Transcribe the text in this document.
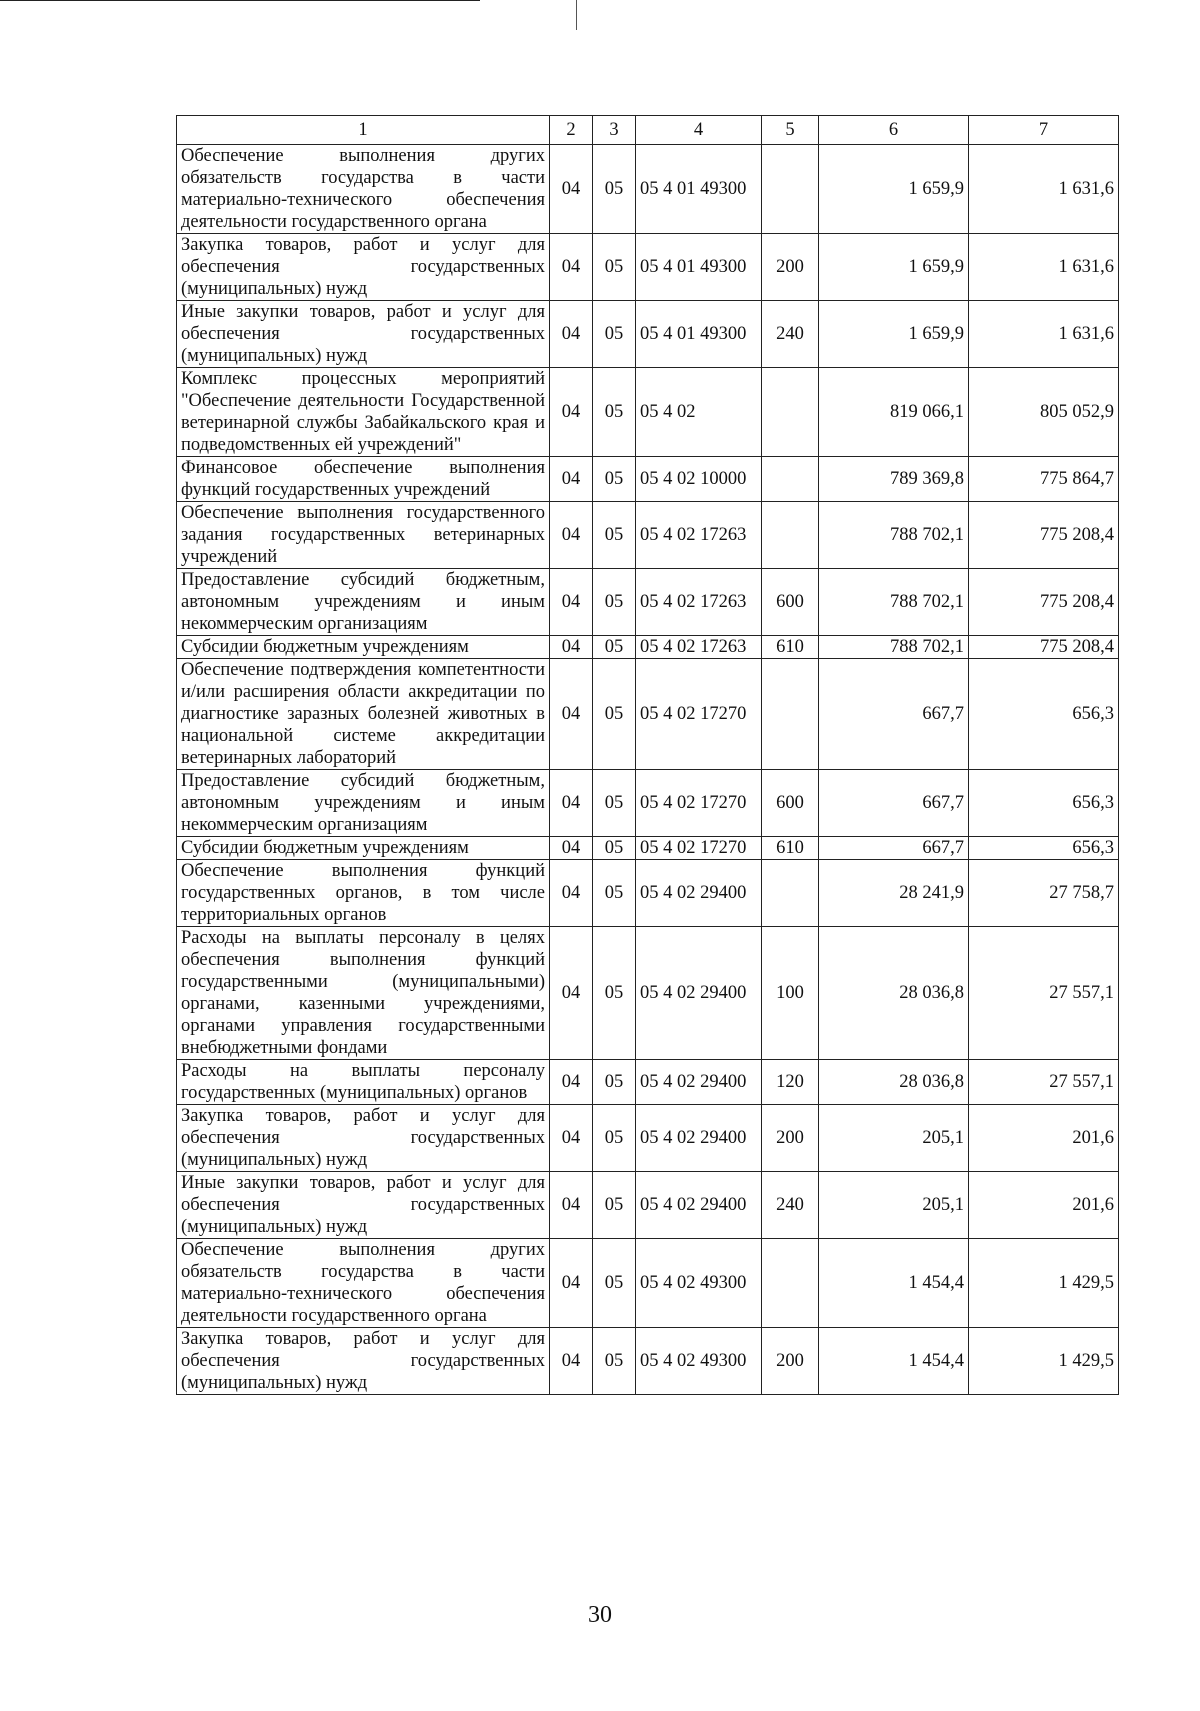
1	2	3	4	5	6	7
Обеспечение выполнения других обязательств государства в части материально-технического обеспечения деятельности государственного органа	04	05	05 4 01 49300		1 659,9	1 631,6
Закупка товаров, работ и услуг для обеспечения государственных (муниципальных) нужд	04	05	05 4 01 49300	200	1 659,9	1 631,6
Иные закупки товаров, работ и услуг для обеспечения государственных (муниципальных) нужд	04	05	05 4 01 49300	240	1 659,9	1 631,6
Комплекс процессных мероприятий "Обеспечение деятельности Государственной ветеринарной службы Забайкальского края и подведомственных ей учреждений"	04	05	05 4 02		819 066,1	805 052,9
Финансовое обеспечение выполнения функций государственных учреждений	04	05	05 4 02 10000		789 369,8	775 864,7
Обеспечение выполнения государственного задания государственных ветеринарных учреждений	04	05	05 4 02 17263		788 702,1	775 208,4
Предоставление субсидий бюджетным, автономным учреждениям и иным некоммерческим организациям	04	05	05 4 02 17263	600	788 702,1	775 208,4
Субсидии бюджетным учреждениям	04	05	05 4 02 17263	610	788 702,1	775 208,4
Обеспечение подтверждения компетентности и/или расширения области аккредитации по диагностике заразных болезней животных в национальной системе аккредитации ветеринарных лабораторий	04	05	05 4 02 17270		667,7	656,3
Предоставление субсидий бюджетным, автономным учреждениям и иным некоммерческим организациям	04	05	05 4 02 17270	600	667,7	656,3
Субсидии бюджетным учреждениям	04	05	05 4 02 17270	610	667,7	656,3
Обеспечение выполнения функций государственных органов, в том числе территориальных органов	04	05	05 4 02 29400		28 241,9	27 758,7
Расходы на выплаты персоналу в целях обеспечения выполнения функций государственными (муниципальными) органами, казенными учреждениями, органами управления государственными внебюджетными фондами	04	05	05 4 02 29400	100	28 036,8	27 557,1
Расходы на выплаты персоналу государственных (муниципальных) органов	04	05	05 4 02 29400	120	28 036,8	27 557,1
Закупка товаров, работ и услуг для обеспечения государственных (муниципальных) нужд	04	05	05 4 02 29400	200	205,1	201,6
Иные закупки товаров, работ и услуг для обеспечения государственных (муниципальных) нужд	04	05	05 4 02 29400	240	205,1	201,6
Обеспечение выполнения других обязательств государства в части материально-технического обеспечения деятельности государственного органа	04	05	05 4 02 49300		1 454,4	1 429,5
Закупка товаров, работ и услуг для обеспечения государственных (муниципальных) нужд	04	05	05 4 02 49300	200	1 454,4	1 429,5
30
